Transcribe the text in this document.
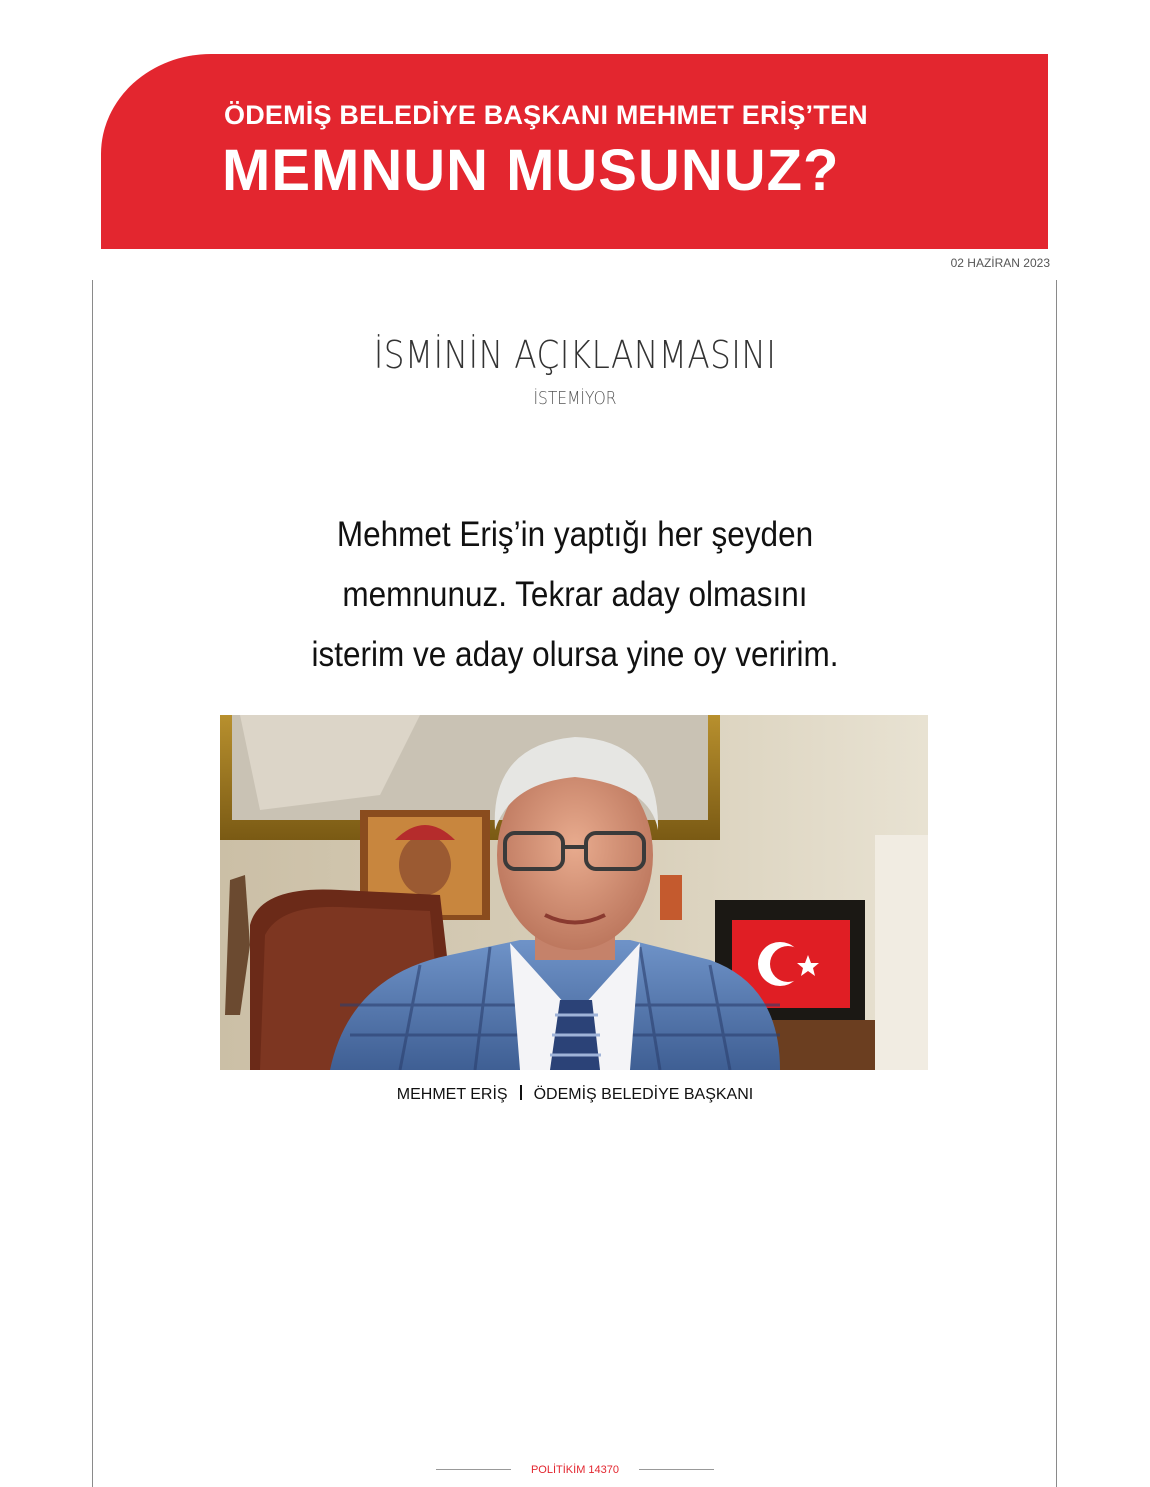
ÖDEMİŞ BELEDİYE BAŞKANI MEHMET ERİŞ’TEN
MEMNUN MUSUNUZ?
02 HAZİRAN 2023
İSMİNİN AÇIKLANMASINI
İSTEMİYOR
Mehmet Eriş’in yaptığı her şeyden
memnunuz. Tekrar aday olmasını
isterim ve aday olursa yine oy veririm.
MEHMET ERİŞ ÖDEMİŞ BELEDİYE BAŞKANI
POLİTİKİM 14370
